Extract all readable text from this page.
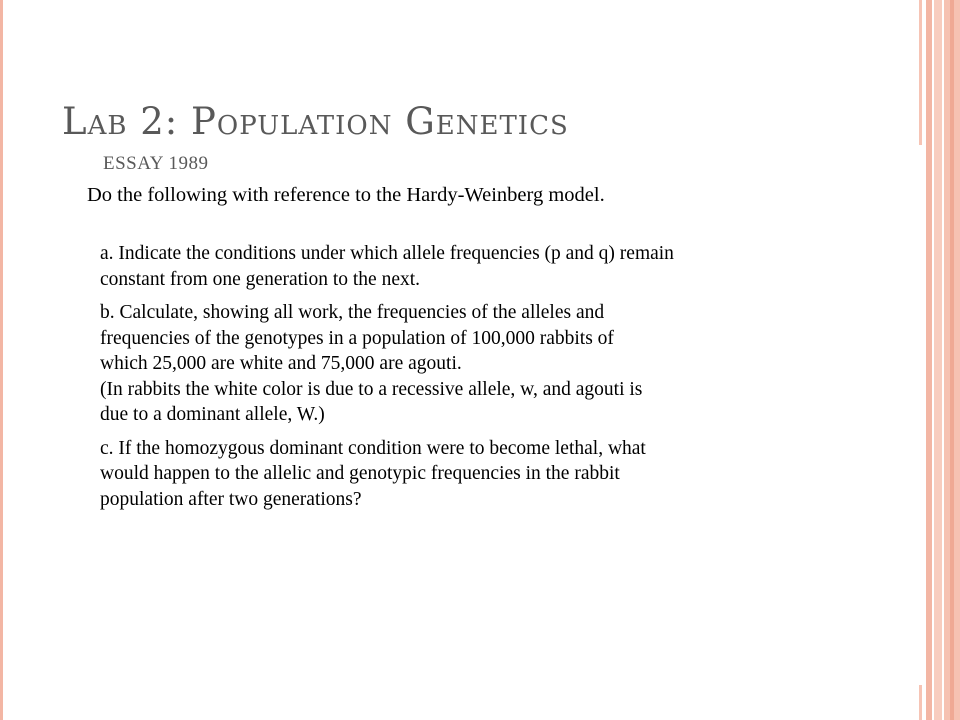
Lab 2: Population Genetics
ESSAY 1989
Do the following with reference to the Hardy-Weinberg model.
a. Indicate the conditions under which allele frequencies (p and q) remain
constant from one generation to the next.
b. Calculate, showing all work, the frequencies of the alleles and
frequencies of the genotypes in a population of 100,000 rabbits of
which 25,000 are white and 75,000 are agouti.
(In rabbits the white color is due to a recessive allele, w, and agouti is
due to a dominant allele, W.)
c. If the homozygous dominant condition were to become lethal, what
would happen to the allelic and genotypic frequencies in the rabbit
population after two generations?
